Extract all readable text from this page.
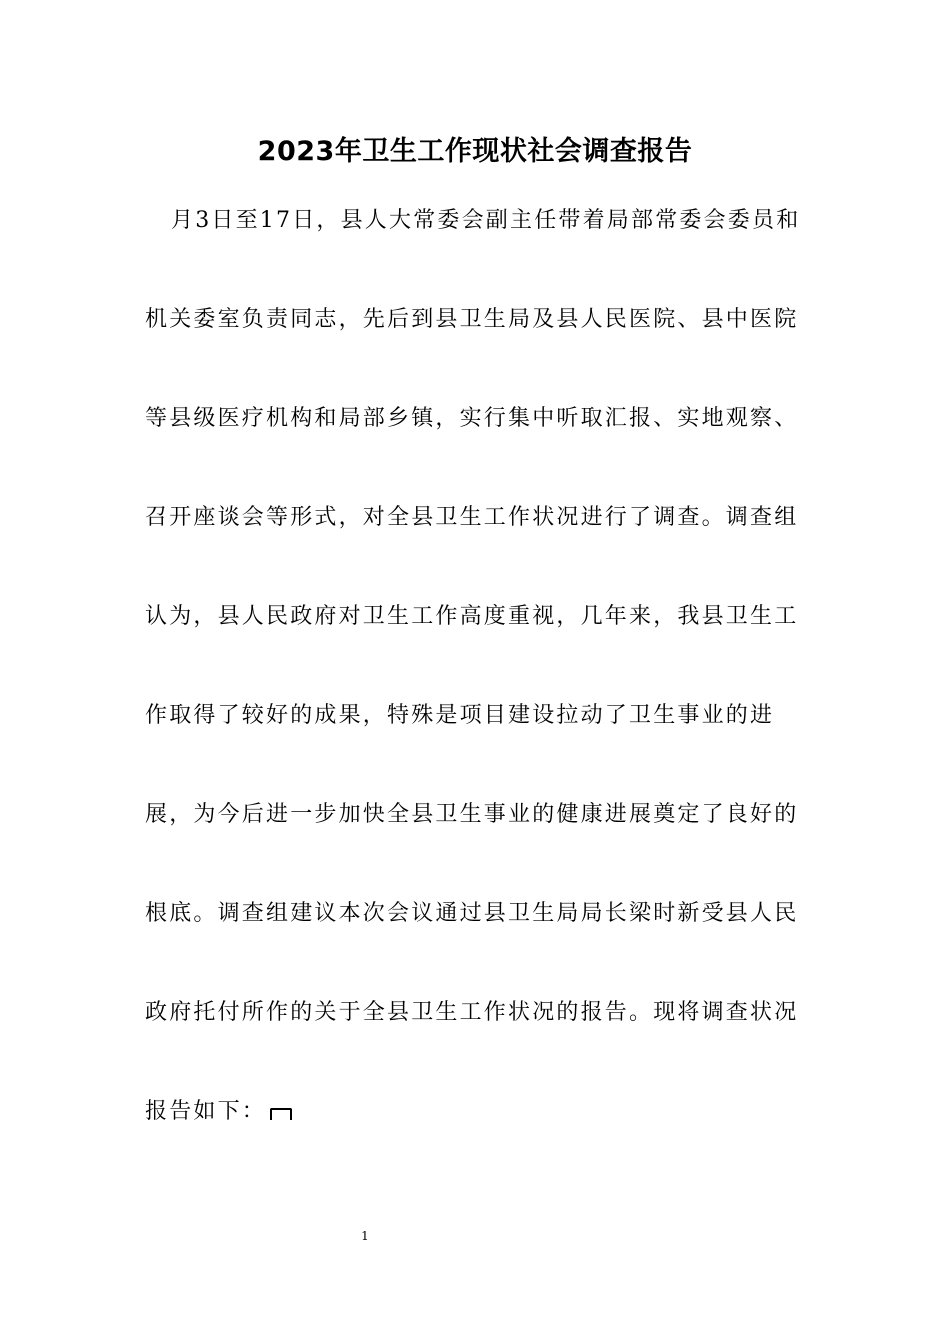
2023年卫生工作现状社会调查报告
月3日至17日，县人大常委会副主任带着局部常委会委员和
机关委室负责同志，先后到县卫生局及县人民医院、县中医院
等县级医疗机构和局部乡镇，实行集中听取汇报、实地观察、
召开座谈会等形式，对全县卫生工作状况进行了调查。调查组
认为，县人民政府对卫生工作高度重视，几年来，我县卫生工
作取得了较好的成果，特殊是项目建设拉动了卫生事业的进
展，为今后进一步加快全县卫生事业的健康进展奠定了良好的
根底。调查组建议本次会议通过县卫生局局长梁时新受县人民
政府托付所作的关于全县卫生工作状况的报告。现将调查状况
报告如下：
1
